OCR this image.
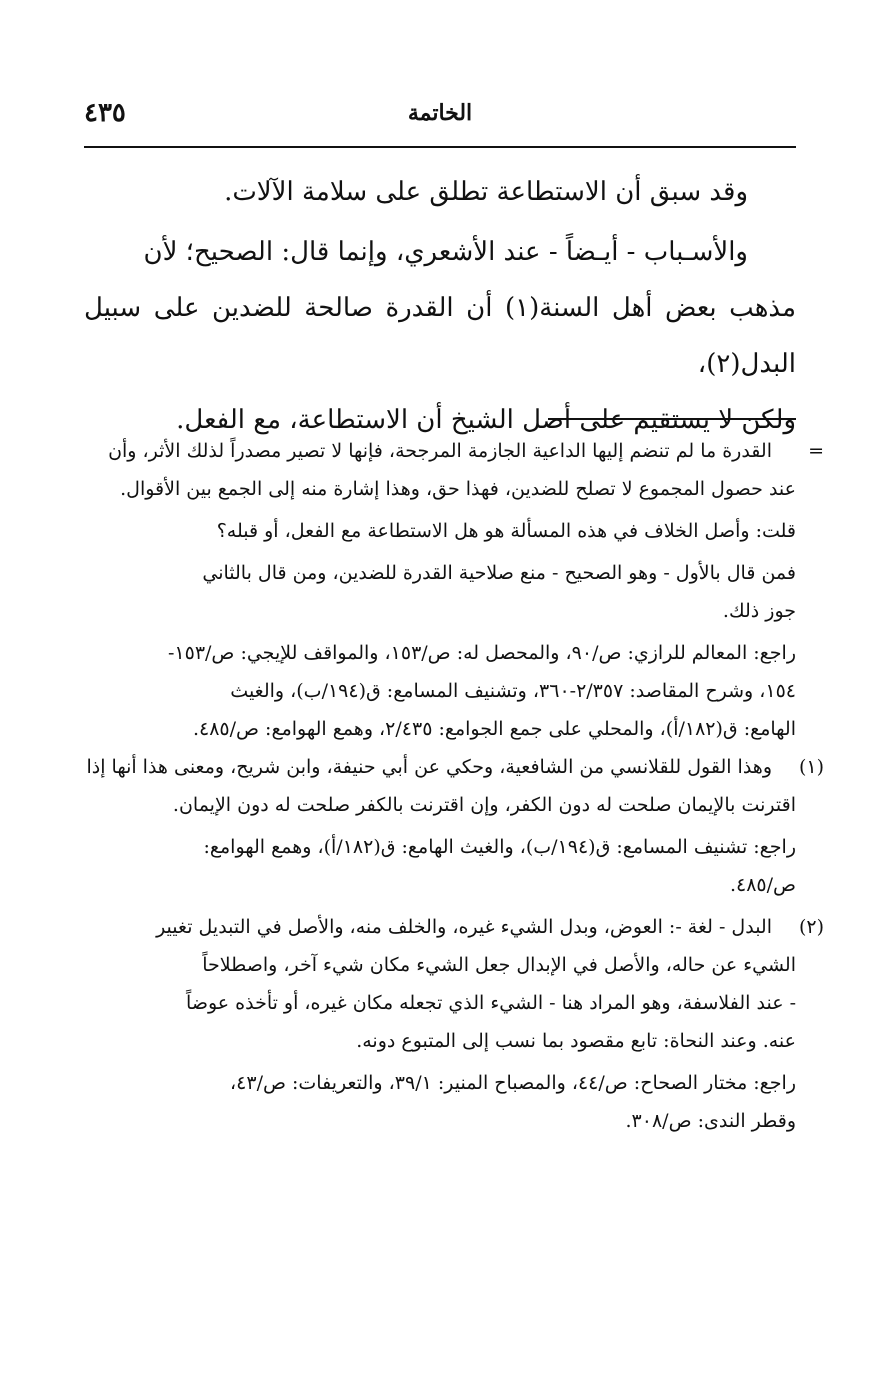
الخاتمة
٤٣٥

وقد سبق أن الاستطاعة تطلق على سلامة الآلات.

والأسـباب - أيـضاً - عند الأشعري، وإنما قال: الصحيح؛ لأن

مذهب بعض أهل السنة(١) أن القدرة صالحة للضدين على سبيل البدل(٢)،

ولكن لا يستقيم على أصل الشيخ أن الاستطاعة، مع الفعل.

=القدرة ما لم تنضم إليها الداعية الجازمة المرجحة، فإنها لا تصير مصدراً لذلك الأثر، وأن

عند حصول المجموع لا تصلح للضدين، فهذا حق، وهذا إشارة منه إلى الجمع بين الأقوال.

قلت: وأصل الخلاف في هذه المسألة هو هل الاستطاعة مع الفعل، أو قبله؟

فمن قال بالأول - وهو الصحيح - منع صلاحية القدرة للضدين، ومن قال بالثاني

جوز ذلك.

راجع: المعالم للرازي: ص/٩٠، والمحصل له: ص/١٥٣، والمواقف للإيجي: ص/١٥٣-

١٥٤، وشرح المقاصد: ٢/٣٥٧-٣٦٠، وتشنيف المسامع: ق(١٩٤/ب)، والغيث

الهامع: ق(١٨٢/أ)، والمحلي على جمع الجوامع: ٢/٤٣٥، وهمع الهوامع: ص/٤٨٥.

(١)وهذا القول للقلانسي من الشافعية، وحكي عن أبي حنيفة، وابن شريح، ومعنى هذا أنها إذا

اقترنت بالإيمان صلحت له دون الكفر، وإن اقترنت بالكفر صلحت له دون الإيمان.

راجع: تشنيف المسامع: ق(١٩٤/ب)، والغيث الهامع: ق(١٨٢/أ)، وهمع الهوامع:

ص/٤٨٥.

(٢)البدل - لغة -: العوض، وبدل الشيء غيره، والخلف منه، والأصل في التبديل تغيير

الشيء عن حاله، والأصل في الإبدال جعل الشيء مكان شيء آخر، واصطلاحاً

- عند الفلاسفة، وهو المراد هنا - الشيء الذي تجعله مكان غيره، أو تأخذه عوضاً

عنه. وعند النحاة: تابع مقصود بما نسب إلى المتبوع دونه.

راجع: مختار الصحاح: ص/٤٤، والمصباح المنير: ٣٩/١، والتعريفات: ص/٤٣،

وقطر الندى: ص/٣٠٨.
